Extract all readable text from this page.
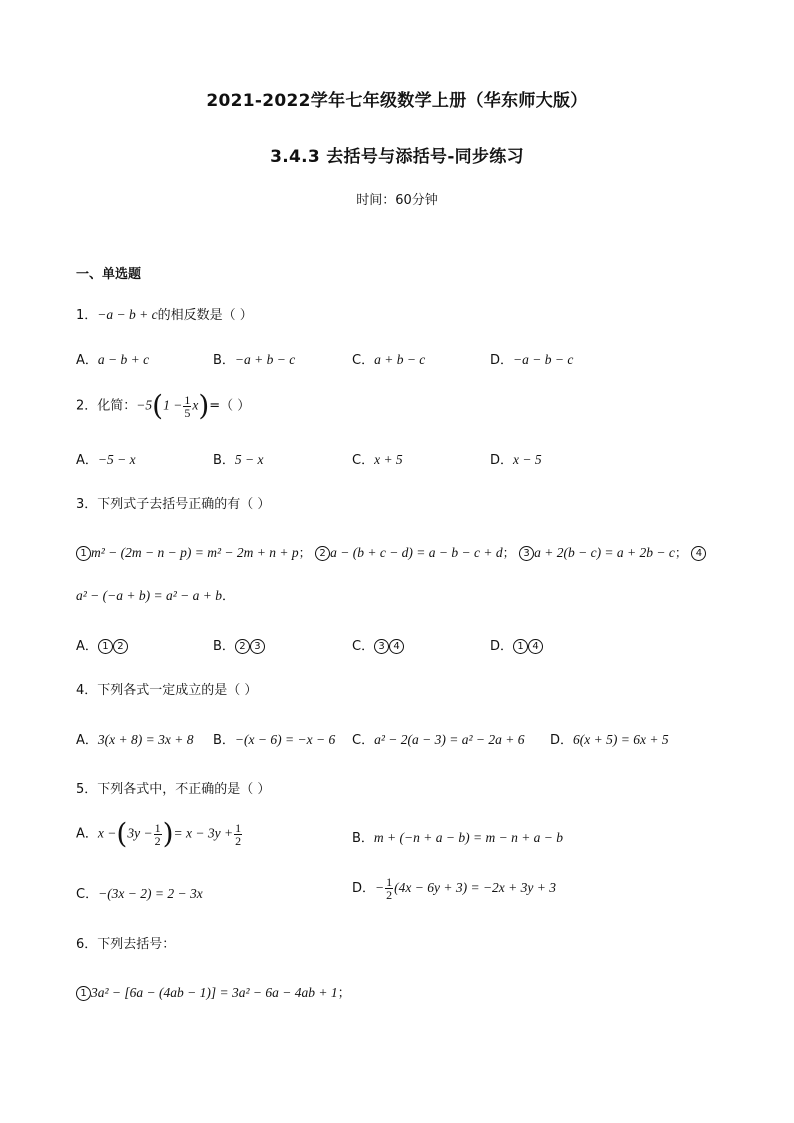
2021-2022学年七年级数学上册（华东师大版）
3.4.3 去括号与添括号-同步练习
时间：60分钟
一、单选题
1．−a − b + c的相反数是（ ）
A．a − b + c	B．−a + b − c	C．a + b − c	D．−a − b − c
2．化简：$-5(1 - \frac{1}{5} x)=$（ ）
A．−5 − x	B．5 − x	C．x + 5	D．x − 5
3．下列式子去括号正确的有（ ）
1 m² − (2m − n − p) = m² − 2m + n + p； 2 a − (b + c − d) = a − b − c + d； 3 a + 2(b − c) = a + 2b − c； 4
a² − (−a + b) = a² − a + b．
A． 1 2	B． 2 3	C． 3 4	D． 1 4
4．下列各式一定成立的是（ ）
A．3(x + 8) = 3x + 8 B．−(x − 6) = −x − 6 C．a² − 2(a − 3) = a² − 2a + 6 D．6(x + 5) = 6x + 5
5．下列各式中，不正确的是（ ）
A．$x -(3y - \frac{1}{2}$ )= $x - 3y + \frac{1}{2}$	B．m + (−n + a − b) = m − n + a − b
C．−(3x − 2) = 2 − 3x	D．− $\frac{1}{2} (4x - 6y + 3) = -2x + 3y + 3$
6．下列去括号：
1 3a² − [6a − (4ab − 1)] = 3a² − 6a − 4ab + 1；
